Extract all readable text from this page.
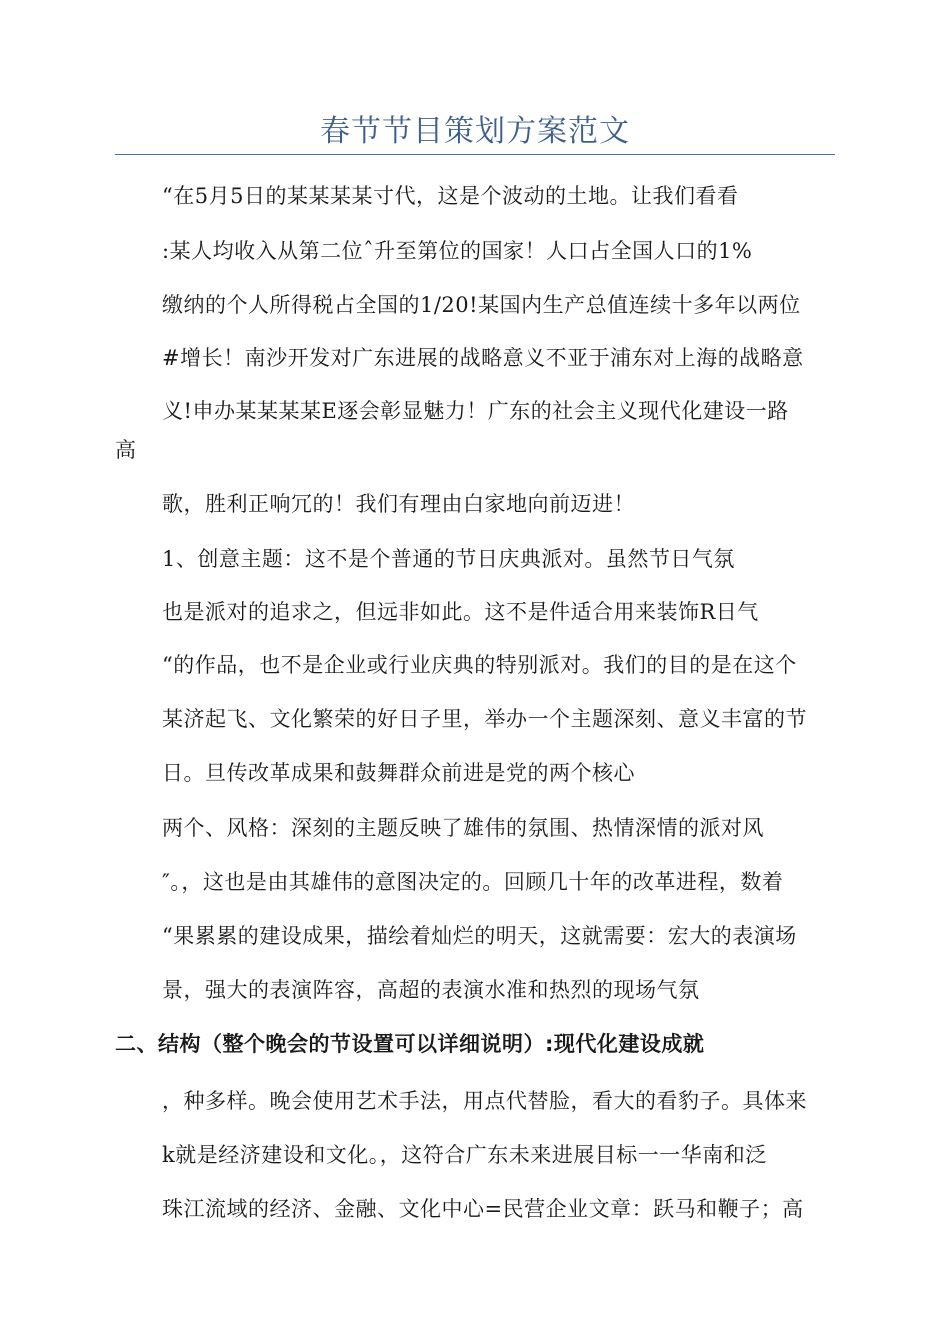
春节节目策划方案范文
“在5月5日的某某某某寸代，这是个波动的土地。让我们看看
:某人均收入从第二位ˆ升至第位的国家！人口占全国人口的1%
缴纳的个人所得税占全国的1/20!某国内生产总值连续十多年以两位
#增长！南沙开发对广东进展的战略意义不亚于浦东对上海的战略意
义!申办某某某某E逐会彰显魅力！广东的社会主义现代化建设一路
高
歌，胜利正响冗的！我们有理由白家地向前迈进！
1、创意主题：这不是个普通的节日庆典派对。虽然节日气氛
也是派对的追求之，但远非如此。这不是件适合用来装饰R日气
“的作品，也不是企业或行业庆典的特别派对。我们的目的是在这个
某济起飞、文化繁荣的好日子里，举办一个主题深刻、意义丰富的节
日。旦传改革成果和鼓舞群众前进是党的两个核心
两个、风格：深刻的主题反映了雄伟的氛围、热情深情的派对风
″。，这也是由其雄伟的意图决定的。回顾几十年的改革进程，数着
“果累累的建设成果，描绘着灿烂的明天，这就需要：宏大的表演场
景，强大的表演阵容，高超的表演水准和热烈的现场气氛
二、结构（整个晚会的节设置可以详细说明）:现代化建设成就
，种多样。晚会使用艺术手法，用点代替脸，看大的看豹子。具体来
k就是经济建设和文化。，这符合广东未来进展目标一一华南和泛
珠江流域的经济、金融、文化中心=民营企业文章：跃马和鞭子；高
